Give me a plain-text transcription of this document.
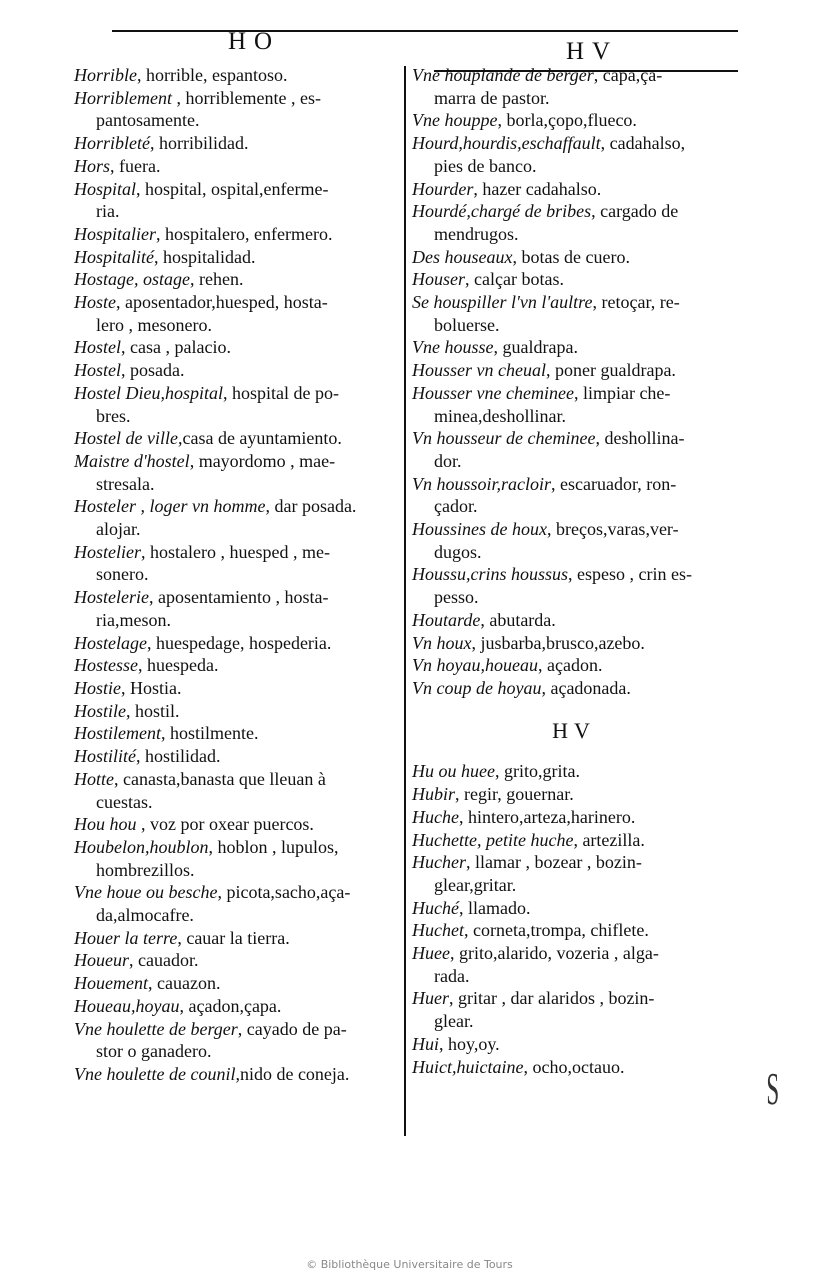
HO	HV

Horrible, horrible, espantoso.

Horriblement , horriblemente , es-
pantosamente.

Horribleté, horribilidad.

Hors, fuera.

Hospital, hospital, ospital,enferme-
ria.

Hospitalier, hospitalero, enfermero.

Hospitalité, hospitalidad.

Hostage, ostage, rehen.

Hoste, aposentador,huesped, hosta-
lero , mesonero.

Hostel, casa , palacio.

Hostel, posada.

Hostel Dieu,hospital, hospital de po-
bres.

Hostel de ville,casa de ayuntamiento.

Maistre d'hostel, mayordomo , mae-
stresala.

Hosteler , loger vn homme, dar posada.
alojar.

Hostelier, hostalero , huesped , me-
sonero.

Hostelerie, aposentamiento , hosta-
ria,meson.

Hostelage, huespedage, hospederia.

Hostesse, huespeda.

Hostie, Hostia.

Hostile, hostil.

Hostilement, hostilmente.

Hostilité, hostilidad.

Hotte, canasta,banasta que lleuan à
cuestas.

Hou hou , voz por oxear puercos.

Houbelon,houblon, hoblon , lupulos,
hombrezillos.

Vne houe ou besche, picota,sacho,aça-
da,almocafre.

Houer la terre, cauar la tierra.

Houeur, cauador.

Houement, cauazon.

Houeau,hoyau, açadon,çapa.

Vne houlette de berger, cayado de pa-
stor o ganadero.

Vne houlette de counil,nido de coneja.

Vne houplande de berger, capa,ça-
marra de pastor.

Vne houppe, borla,çopo,flueco.

Hourd,hourdis,eschaffault, cadahalso,
pies de banco.

Hourder, hazer cadahalso.

Hourdé,chargé de bribes, cargado de
mendrugos.

Des houseaux, botas de cuero.

Houser, calçar botas.

Se houspiller l'vn l'aultre, retoçar, re-
boluerse.

Vne housse, gualdrapa.

Housser vn cheual, poner gualdrapa.

Housser vne cheminee, limpiar che-
minea,deshollinar.

Vn housseur de cheminee, deshollina-
dor.

Vn houssoir,racloir, escaruador, ron-
çador.

Houssines de houx, breços,varas,ver-
dugos.

Houssu,crins houssus, espeso , crin es-
pesso.

Houtarde, abutarda.

Vn houx, jusbarba,brusco,azebo.

Vn hoyau,houeau, açadon.

Vn coup de hoyau, açadonada.

HV

Hu ou huee, grito,grita.

Hubir, regir, gouernar.

Huche, hintero,arteza,harinero.

Huchette, petite huche, artezilla.

Hucher, llamar , bozear , bozin-
glear,gritar.

Huché, llamado.

Huchet, corneta,trompa, chiflete.

Huee, grito,alarido, vozeria , alga-
rada.

Huer, gritar , dar alaridos , bozin-
glear.

Hui, hoy,oy.

Huict,huictaine, ocho,octauo.	S
© Bibliothèque Universitaire de Tours
